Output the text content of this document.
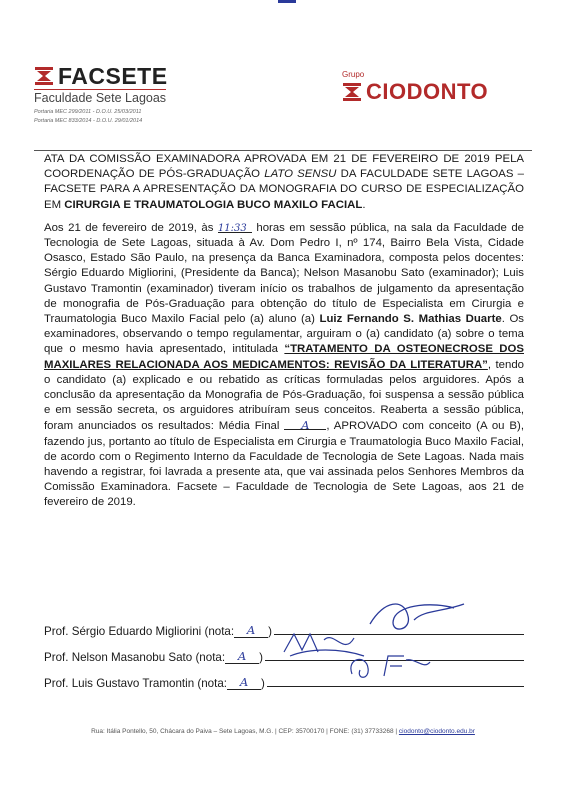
FACSETE
Faculdade Sete Lagoas
Portaria MEC 299/2011 - D.O.U. 25/03/2011
Portaria MEC 833/2014 - D.O.U. 29/01/2014
Grupo
CIODONTO

ATA DA COMISSÃO EXAMINADORA APROVADA EM 21 DE FEVEREIRO DE 2019 PELA COORDENAÇÃO DE PÓS-GRADUAÇÃO LATO SENSU DA FACULDADE SETE LAGOAS – FACSETE PARA A APRESENTAÇÃO DA MONOGRAFIA DO CURSO DE ESPECIALIZAÇÃO EM CIRURGIA E TRAUMATOLOGIA BUCO MAXILO FACIAL.

Aos 21 de fevereiro de 2019, às 11:33 horas em sessão pública, na sala da Faculdade de Tecnologia de Sete Lagoas, situada à Av. Dom Pedro I, nº 174, Bairro Bela Vista, Cidade Osasco, Estado São Paulo, na presença da Banca Examinadora, composta pelos docentes: Sérgio Eduardo Migliorini, (Presidente da Banca); Nelson Masanobu Sato (examinador); Luis Gustavo Tramontin (examinador) tiveram início os trabalhos de julgamento da apresentação de monografia de Pós-Graduação para obtenção do título de Especialista em Cirurgia e Traumatologia Buco Maxilo Facial pelo (a) aluno (a) Luiz Fernando S. Mathias Duarte. Os examinadores, observando o tempo regulamentar, arguiram o (a) candidato (a) sobre o tema que o mesmo havia apresentado, intitulada “TRATAMENTO DA OSTEONECROSE DOS MAXILARES RELACIONADA AOS MEDICAMENTOS: REVISÃO DA LITERATURA”, tendo o candidato (a) explicado e ou rebatido as críticas formuladas pelos arguidores. Após a conclusão da apresentação da Monografia de Pós-Graduação, foi suspensa a sessão pública e em sessão secreta, os arguidores atribuíram seus conceitos. Reaberta a sessão pública, foram anunciados os resultados: Média Final A , APROVADO com conceito (A ou B), fazendo jus, portanto ao título de Especialista em Cirurgia e Traumatologia Buco Maxilo Facial, de acordo com o Regimento Interno da Faculdade de Tecnologia de Sete Lagoas. Nada mais havendo a registrar, foi lavrada a presente ata, que vai assinada pelos Senhores Membros da Comissão Examinadora. Facsete – Faculdade de Tecnologia de Sete Lagoas, aos 21 de fevereiro de 2019.

Prof. Sérgio Eduardo Migliorini (nota:	A	)
Prof. Nelson Masanobu Sato (nota:	A	)
Prof. Luis Gustavo Tramontin (nota:	A	)
Rua: Itália Pontello, 50, Chácara do Paiva – Sete Lagoas, M.G. | CEP: 35700170 | FONE: (31) 37733268 | ciodonto@ciodonto.edu.br
